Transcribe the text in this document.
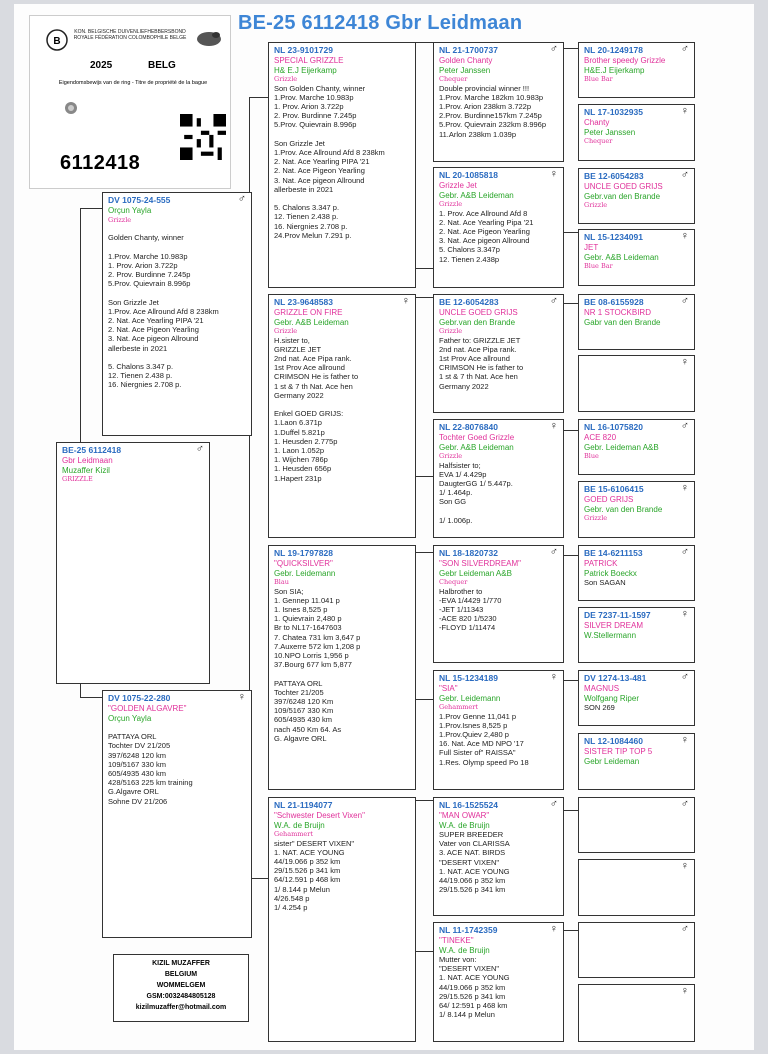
KON. BELGISCHE DUIVENLIEFHEBBERSBOND
ROYALE FÉDÉRATION COLOMBOPHILE BELGE
B
2025	BELG
Eigendomsbewijs van de ring - Titre de propriété de la bague
6112418
BE-25 6112418 Gbr Leidmaan
BE-25 6112418	♂
Gbr Leidmaan
Muzaffer Kizil
GRIZZLE
DV 1075-24-555	♂
Orçun Yayla
Grizzle

Golden Chanty, winner

1.Prov. Marche 10.983p
1. Prov. Arion 3.722p
2. Prov. Burdinne 7.245p
5.Prov. Quievrain 8.996p

Son Grizzle Jet
1.Prov. Ace Allround Afd 8 238km
2. Nat. Ace Yearling PIPA '21
2. Nat. Ace Pigeon Yearling
3. Nat. Ace pigeon Allround
allerbeste in 2021

5. Chalons 3.347 p.
12. Tienen 2.438 p.
16. Niergnies 2.708 p.
DV 1075-22-280	♀
"GOLDEN ALGAVRE"
Orçun Yayla

PATTAYA ORL
Tochter DV 21/205
397/6248 120 km
109/5167 330 km
605/4935 430 km
428/5163 225 km training
G.Algavre ORL
Sohne DV 21/206
NL 23-9101729
SPECIAL GRIZZLE
H& E.J Eijerkamp
Grizzle
Son Golden Chanty, winner
1.Prov. Marche 10.983p
1. Prov. Arion 3.722p
2. Prov. Burdinne 7.245p
5.Prov. Quievrain 8.996p

Son Grizzle Jet
1.Prov. Ace Allround Afd 8 238km
2. Nat. Ace Yearling PIPA '21
2. Nat. Ace Pigeon Yearling
3. Nat. Ace pigeon Allround
allerbeste in 2021

5. Chalons 3.347 p.
12. Tienen 2.438 p.
16. Niergnies 2.708 p.
24.Prov Melun 7.291 p.
NL 23-9648583	♀
GRIZZLE ON FIRE
Gebr. A&B Leideman
Grizzle
H.sister to,
GRIZZLE JET
2nd nat. Ace Pipa rank.
1st Prov Ace allround
CRIMSON He is father to
1 st & 7 th Nat. Ace hen
Germany 2022

Enkel GOED GRIJS:
1.Laon 6.371p
1.Duffel 5.821p
1. Heusden 2.775p
1. Laon 1.052p
1. Wijchen 786p
1. Heusden 656p
1.Hapert 231p
NL 19-1797828
"QUICKSILVER"
Gebr. Leidemann
Blau
Son SIA;
1. Gennep 11.041 p
1. Isnes 8,525 p
1. Quievrain 2,480 p
Br to NL17-1647603
7. Chatea 731 km 3,647 p
7.Auxerre 572 km 1,208 p
10.NPO Lorris 1,956 p
37.Bourg 677 km 5,877

PATTAYA ORL
Tochter 21/205
397/6248 120 Km
109/5167 330 Km
605/4935 430 km
nach 450 Km 64. As
G. Algavre ORL
NL 21-1194077
"Schwester Desert Vixen"
W.A. de Bruijn
Gehammert
sister" DESERT VIXEN"
1. NAT. ACE YOUNG
44/19.066 p 352 km
29/15.526 p 341 km
64/12.591 p 468 km
1/ 8.144 p Melun
4/26.548 p
1/ 4.254 p
NL 21-1700737	♂
Golden Chanty
Peter Janssen
Chequer
Double provincial winner !!!
1.Prov. Marche 182km 10.983p
1.Prov. Arion 238km 3.722p
2.Prov. Burdinne157km 7.245p
5.Prov. Quievrain 232km 8.996p
11.Arlon 238km 1.039p
NL 20-1085818	♀
Grizzle Jet
Gebr. A&B Leideman
Grizzle
1. Prov. Ace Allround Afd 8
2. Nat. Ace Yearling Pipa '21
2. Nat. Ace Pigeon Yearling
3. Nat. Ace pigeon Allround
5. Chalons 3.347p
12. Tienen 2.438p
BE 12-6054283	♂
UNCLE GOED GRIJS
Gebr.van den Brande
Grizzle
Father to: GRIZZLE JET
2nd nat. Ace Pipa rank.
1st Prov Ace allround
CRIMSON He is father to
1 st & 7 th Nat. Ace hen
Germany 2022
NL 22-8076840	♀
Tochter Goed Grizzle
Gebr. A&B Leideman
Grizzle
Halfsister to;
EVA 1/ 4.429p
DaugterGG 1/ 5.447p.
1/ 1.464p.
Son GG

1/ 1.006p.
NL 18-1820732	♂
"SON SILVERDREAM"
Gebr Leideman A&B
Chequer
Halbrother to
-EVA 1/4429 1/770
-JET 1/11343
-ACE 820 1/5230
-FLOYD 1/11474
NL 15-1234189	♀
"SIA"
Gebr. Leidemann
Gehammert
1.Prov Genne 11,041 p
1.Prov.Isnes 8,525 p
1.Prov.Quiev 2,480 p
16. Nat. Ace MD NPO '17
Full Sister of" RAISSA"
1.Res. Olymp speed Po 18
NL 16-1525524	♂
"MAN OWAR"
W.A. de Bruijn
SUPER BREEDER
Vater von CLARISSA
3. ACE NAT. BIRDS
"DESERT VIXEN"
1. NAT. ACE YOUNG
44/19.066 p 352 km
29/15.526 p 341 km
NL 11-1742359	♀
"TINEKE"
W.A. de Bruijn
Mutter von:
"DESERT VIXEN"
1. NAT. ACE YOUNG
44/19.066 p 352 km
29/15.526 p 341 km
64/ 12:591 p 468 km
1/ 8.144 p Melun
NL 20-1249178	♂
Brother speedy Grizzle
H&E.J Eijerkamp
Blue Bar
NL 17-1032935	♀
Chanty
Peter Janssen
Chequer
BE 12-6054283	♂
UNCLE GOED GRIJS
Gebr.van den Brande
Grizzle
NL 15-1234091	♀
JET
Gebr. A&B Leideman
Blue Bar
BE 08-6155928	♂
NR 1 STOCKBIRD
Gabr van den Brande
♀
NL 16-1075820	♂
ACE 820
Gebr. Leideman A&B
Blue
BE 15-6106415	♀
GOED GRIJS
Gebr. van den Brande
Grizzle
BE 14-6211153	♂
PATRICK
Patrick Boeckx
Son SAGAN
DE 7237-11-1597	♀
SILVER DREAM
W.Stellermann
DV 1274-13-481	♂
MAGNUS
Wolfgang Riper
SON 269
NL 12-1084460	♀
SISTER TIP TOP 5
Gebr Leideman
♂
♀
♂
♀
KIZIL MUZAFFER
BELGIUM
WOMMELGEM
GSM:0032484805128
kizilmuzaffer@hotmail.com
